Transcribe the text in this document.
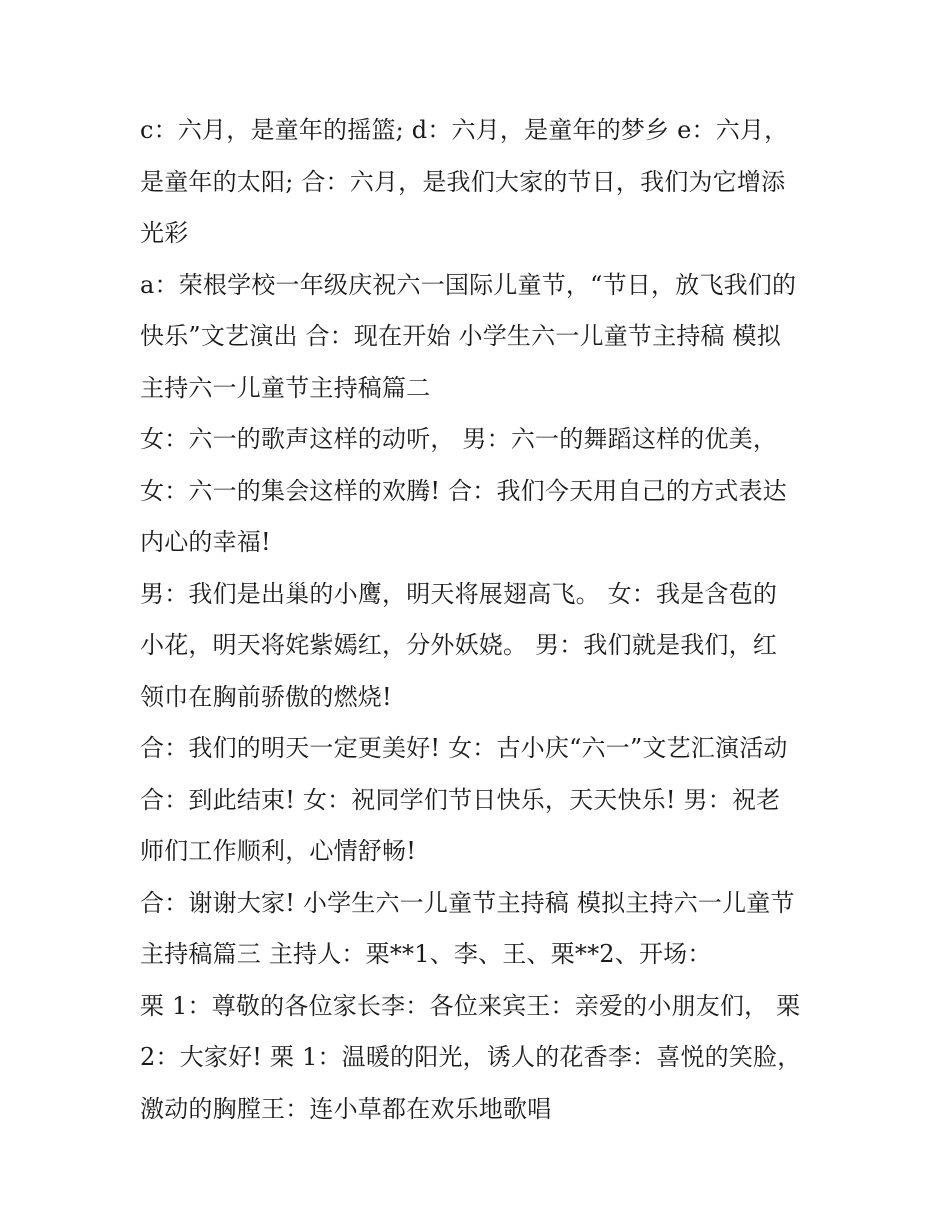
c：六月，是童年的摇篮; d：六月，是童年的梦乡 e：六月，
是童年的太阳; 合：六月，是我们大家的节日，我们为它增添
光彩
a：荣根学校一年级庆祝六一国际儿童节，“节日，放飞我们的
快乐”文艺演出 合：现在开始 小学生六一儿童节主持稿 模拟
主持六一儿童节主持稿篇二
女：六一的歌声这样的动听， 男：六一的舞蹈这样的优美，
女：六一的集会这样的欢腾! 合：我们今天用自己的方式表达
内心的幸福!
男：我们是出巢的小鹰，明天将展翅高飞。 女：我是含苞的
小花，明天将姹紫嫣红，分外妖娆。 男：我们就是我们，红
领巾在胸前骄傲的燃烧!
合：我们的明天一定更美好! 女：古小庆“六一”文艺汇演活动
合：到此结束! 女：祝同学们节日快乐，天天快乐! 男：祝老
师们工作顺利，心情舒畅!
合：谢谢大家! 小学生六一儿童节主持稿 模拟主持六一儿童节
主持稿篇三 主持人：栗**1、李、王、栗**2、开场：
栗 1：尊敬的各位家长李：各位来宾王：亲爱的小朋友们， 栗
2：大家好! 栗 1：温暖的阳光，诱人的花香李：喜悦的笑脸，
激动的胸膛王：连小草都在欢乐地歌唱
